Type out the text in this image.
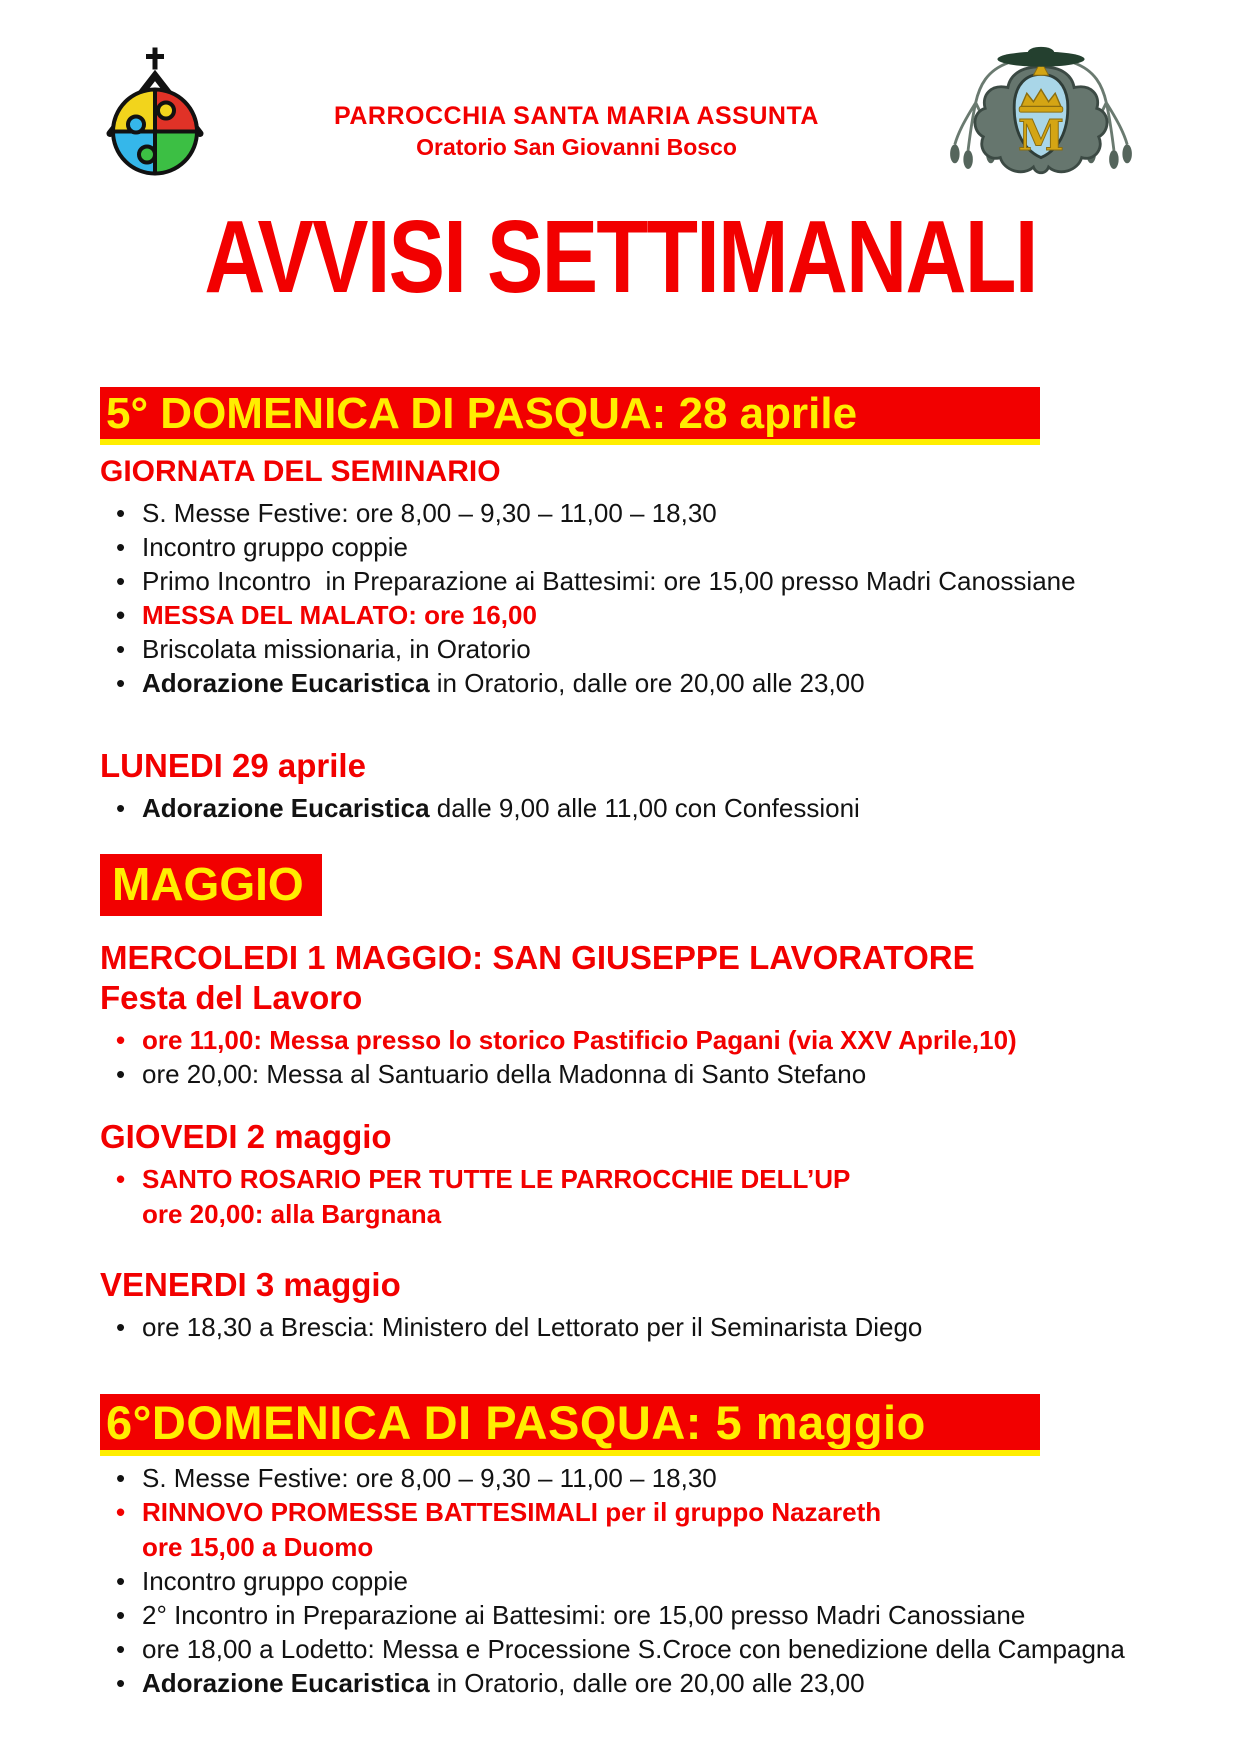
PARROCCHIA SANTA MARIA ASSUNTA
Oratorio San Giovanni Bosco	M
AVVISI SETTIMANALI
5° DOMENICA DI PASQUA: 28 aprile
GIORNATA DEL SEMINARIO
• S. Messe Festive: ore 8,00 – 9,30 – 11,00 – 18,30
• Incontro gruppo coppie
• Primo Incontro  in Preparazione ai Battesimi: ore 15,00 presso Madri Canossiane
• MESSA DEL MALATO: ore 16,00
• Briscolata missionaria, in Oratorio
• Adorazione Eucaristica in Oratorio, dalle ore 20,00 alle 23,00
LUNEDI 29 aprile
• Adorazione Eucaristica dalle 9,00 alle 11,00 con Confessioni
MAGGIO
MERCOLEDI 1 MAGGIO: SAN GIUSEPPE LAVORATORE
Festa del Lavoro
• ore 11,00: Messa presso lo storico Pastificio Pagani (via XXV Aprile,10)
• ore 20,00: Messa al Santuario della Madonna di Santo Stefano
GIOVEDI 2 maggio
• SANTO ROSARIO PER TUTTE LE PARROCCHIE DELL’UP
ore 20,00: alla Bargnana
VENERDI 3 maggio
• ore 18,30 a Brescia: Ministero del Lettorato per il Seminarista Diego
6°DOMENICA DI PASQUA: 5 maggio
• S. Messe Festive: ore 8,00 – 9,30 – 11,00 – 18,30
• RINNOVO PROMESSE BATTESIMALI per il gruppo Nazareth
ore 15,00 a Duomo
• Incontro gruppo coppie
• 2° Incontro in Preparazione ai Battesimi: ore 15,00 presso Madri Canossiane
• ore 18,00 a Lodetto: Messa e Processione S.Croce con benedizione della Campagna
• Adorazione Eucaristica in Oratorio, dalle ore 20,00 alle 23,00
